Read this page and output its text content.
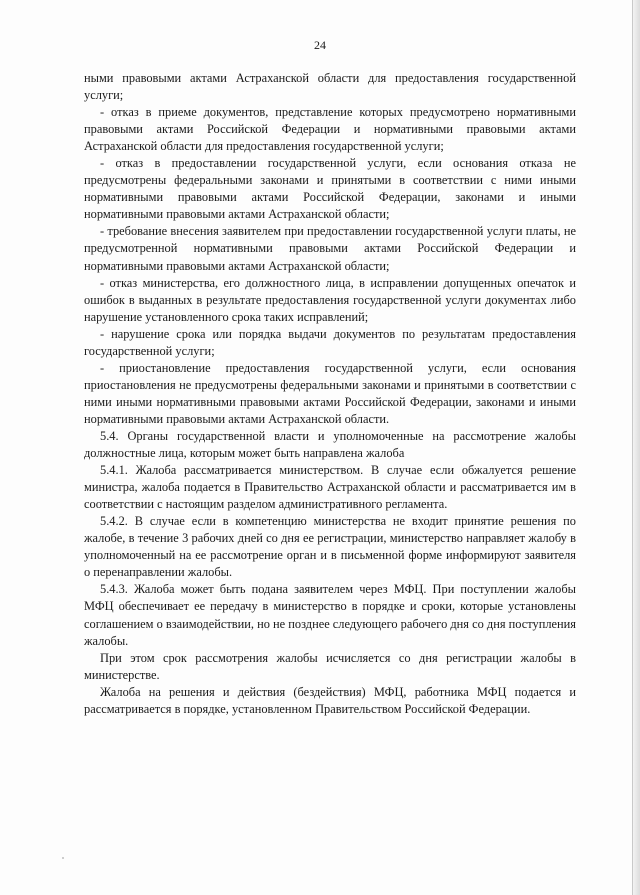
24

ными правовыми актами Астраханской области для предоставления государственной услуги;

- отказ в приеме документов, представление которых предусмотрено нормативными правовыми актами Российской Федерации и нормативными правовыми актами Астраханской области для предоставления государственной услуги;

- отказ в предоставлении государственной услуги, если основания отказа не предусмотрены федеральными законами и принятыми в соответствии с ними иными нормативными правовыми актами Российской Федерации, законами и иными нормативными правовыми актами Астраханской области;

- требование внесения заявителем при предоставлении государственной услуги платы, не предусмотренной нормативными правовыми актами Российской Федерации и нормативными правовыми актами Астраханской области;

- отказ министерства, его должностного лица, в исправлении допущенных опечаток и ошибок в выданных в результате предоставления государственной услуги документах либо нарушение установленного срока таких исправлений;

- нарушение срока или порядка выдачи документов по результатам предоставления государственной услуги;

- приостановление предоставления государственной услуги, если основания приостановления не предусмотрены федеральными законами и принятыми в соответствии с ними иными нормативными правовыми актами Российской Федерации, законами и иными нормативными правовыми актами Астраханской области.

5.4. Органы государственной власти и уполномоченные на рассмотрение жалобы должностные лица, которым может быть направлена жалоба

5.4.1. Жалоба рассматривается министерством. В случае если обжалуется решение министра, жалоба подается в Правительство Астраханской области и рассматривается им в соответствии с настоящим разделом административного регламента.

5.4.2. В случае если в компетенцию министерства не входит принятие решения по жалобе, в течение 3 рабочих дней со дня ее регистрации, министерство направляет жалобу в уполномоченный на ее рассмотрение орган и в письменной форме информируют заявителя о перенаправлении жалобы.

5.4.3. Жалоба может быть подана заявителем через МФЦ. При поступлении жалобы МФЦ обеспечивает ее передачу в министерство в порядке и сроки, которые установлены соглашением о взаимодействии, но не позднее следующего рабочего дня со дня поступления жалобы.

При этом срок рассмотрения жалобы исчисляется со дня регистрации жалобы в министерстве.

Жалоба на решения и действия (бездействия) МФЦ, работника МФЦ подается и рассматривается в порядке, установленном Правительством Российской Федерации.
